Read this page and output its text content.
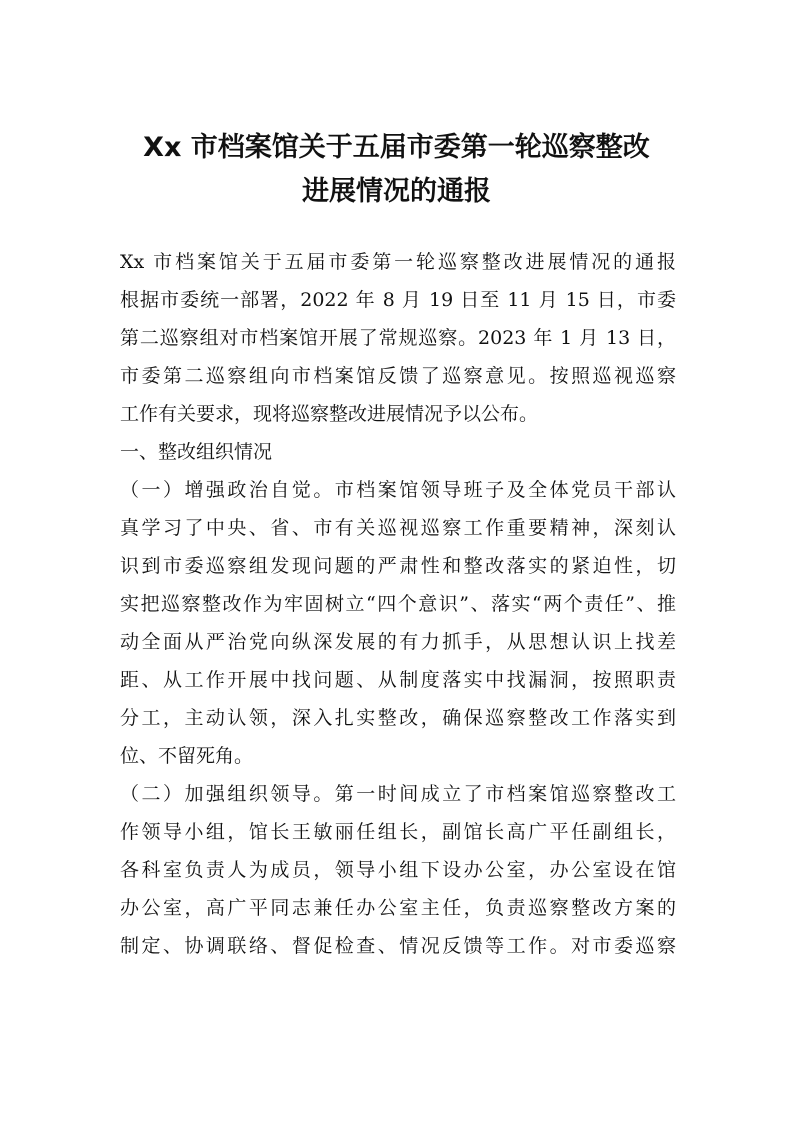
Xx 市档案馆关于五届市委第一轮巡察整改
进展情况的通报
Xx 市档案馆关于五届市委第一轮巡察整改进展情况的通报
根据市委统一部署，2022 年 8 月 19 日至 11 月 15 日，市委
第二巡察组对市档案馆开展了常规巡察。2023 年 1 月 13 日，
市委第二巡察组向市档案馆反馈了巡察意见。按照巡视巡察
工作有关要求，现将巡察整改进展情况予以公布。
一、整改组织情况
（一）增强政治自觉。市档案馆领导班子及全体党员干部认
真学习了中央、省、市有关巡视巡察工作重要精神，深刻认
识到市委巡察组发现问题的严肃性和整改落实的紧迫性，切
实把巡察整改作为牢固树立“四个意识”、落实“两个责任”、推
动全面从严治党向纵深发展的有力抓手，从思想认识上找差
距、从工作开展中找问题、从制度落实中找漏洞，按照职责
分工，主动认领，深入扎实整改，确保巡察整改工作落实到
位、不留死角。
（二）加强组织领导。第一时间成立了市档案馆巡察整改工
作领导小组，馆长王敏丽任组长，副馆长高广平任副组长，
各科室负责人为成员，领导小组下设办公室，办公室设在馆
办公室，高广平同志兼任办公室主任，负责巡察整改方案的
制定、协调联络、督促检查、情况反馈等工作。对市委巡察
